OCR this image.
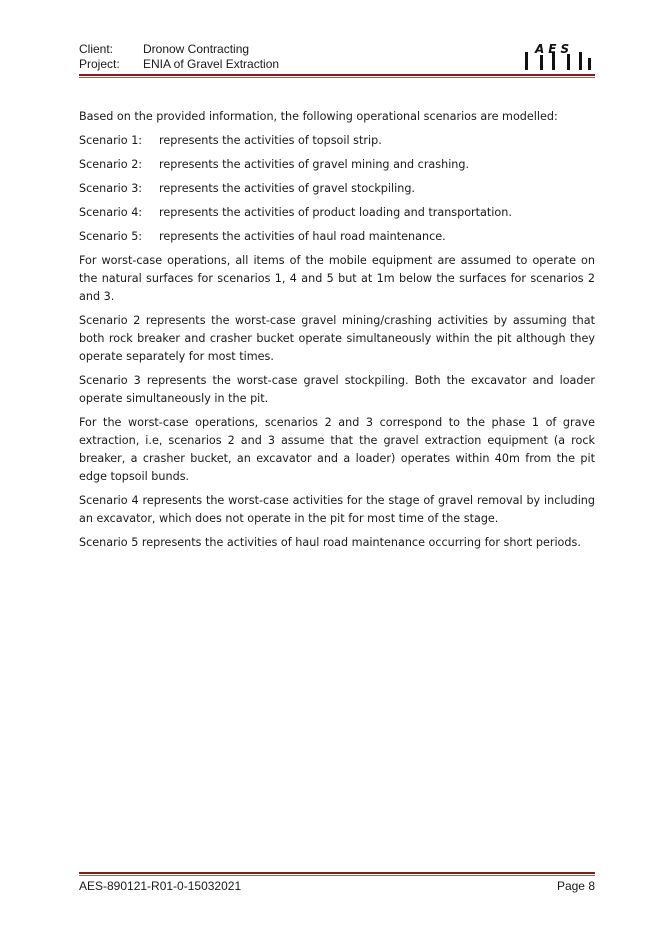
Client: Dronow Contracting
Project: ENIA of Gravel Extraction
AES

Based on the provided information, the following operational scenarios are modelled:

Scenario 1:	represents the activities of topsoil strip.
Scenario 2:	represents the activities of gravel mining and crashing.
Scenario 3:	represents the activities of gravel stockpiling.
Scenario 4:	represents the activities of product loading and transportation.
Scenario 5:	represents the activities of haul road maintenance.

For worst-case operations, all items of the mobile equipment are assumed to operate on the natural surfaces for scenarios 1, 4 and 5 but at 1m below the surfaces for scenarios 2 and 3.

Scenario 2 represents the worst-case gravel mining/crashing activities by assuming that both rock breaker and crasher bucket operate simultaneously within the pit although they operate separately for most times.

Scenario 3 represents the worst-case gravel stockpiling. Both the excavator and loader operate simultaneously in the pit.

For the worst-case operations, scenarios 2 and 3 correspond to the phase 1 of grave extraction, i.e, scenarios 2 and 3 assume that the gravel extraction equipment (a rock breaker, a crasher bucket, an excavator and a loader) operates within 40m from the pit edge topsoil bunds.

Scenario 4 represents the worst-case activities for the stage of gravel removal by including an excavator, which does not operate in the pit for most time of the stage.

Scenario 5 represents the activities of haul road maintenance occurring for short periods.

AES-890121-R01-0-15032021	Page 8
